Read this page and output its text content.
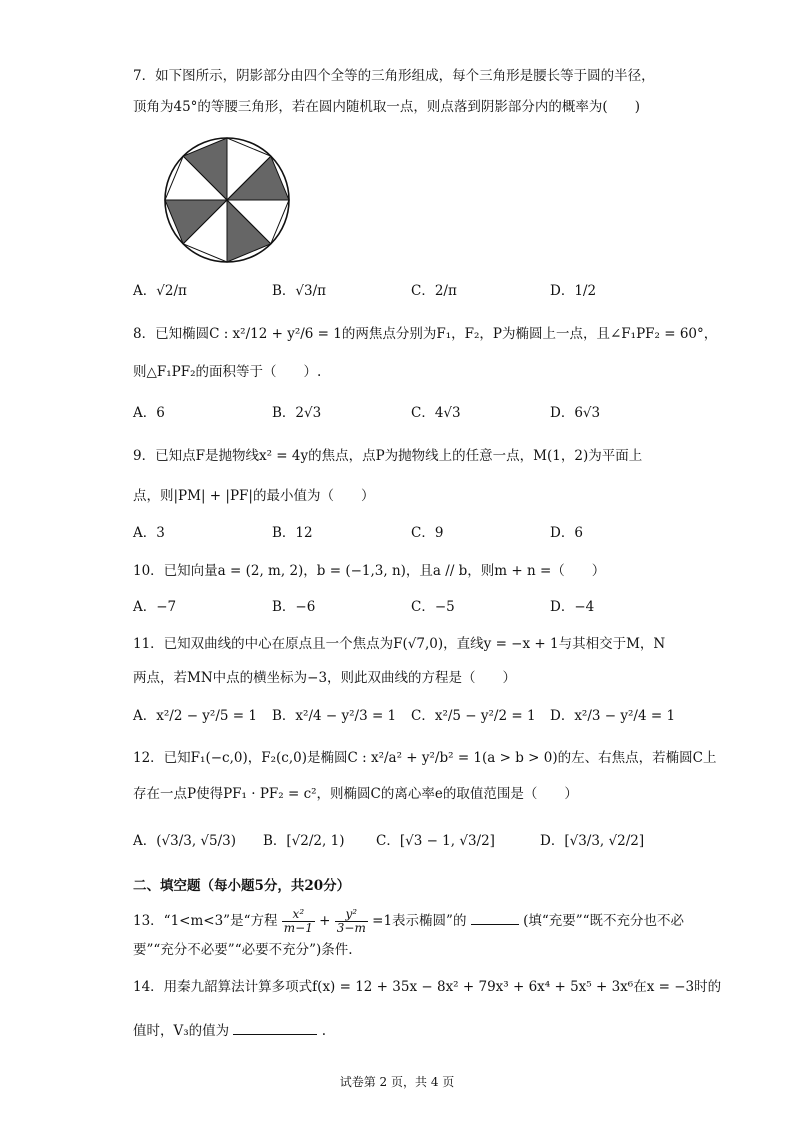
7．如下图所示，阴影部分由四个全等的三角形组成，每个三角形是腰长等于圆的半径，
顶角为45°的等腰三角形，若在圆内随机取一点，则点落到阴影部分内的概率为(　　)
A．√2/π	B．√3/π	C．2/π	D．1/2
8．已知椭圆C : x²/12 + y²/6 = 1的两焦点分别为F₁，F₂，P为椭圆上一点，且∠F₁PF₂ = 60°，
则△F₁PF₂的面积等于（　　）.
A．6	B．2√3	C．4√3	D．6√3
9．已知点F是抛物线x² = 4y的焦点，点P为抛物线上的任意一点，M(1，2)为平面上
点，则|PM| + |PF|的最小值为（　　）
A．3	B．12	C．9	D．6
10．已知向量a = (2, m, 2)，b = (−1,3, n)，且a // b，则m + n =（　　）
A．−7	B．−6	C．−5	D．−4
11．已知双曲线的中心在原点且一个焦点为F(√7,0)，直线y = −x + 1与其相交于M，N
两点，若MN中点的横坐标为−3，则此双曲线的方程是（　　）
A．x²/2 − y²/5 = 1 B．x²/4 − y²/3 = 1 C．x²/5 − y²/2 = 1 D．x²/3 − y²/4 = 1
12．已知F₁(−c,0)，F₂(c,0)是椭圆C : x²/a² + y²/b² = 1(a > b > 0)的左、右焦点，若椭圆C上
存在一点P使得PF₁ · PF₂ = c²，则椭圆C的离心率e的取值范围是（　　）
A．(√3/3, √5/3) B．[√2/2, 1) C．[√3 − 1, √3/2]	D．[√3/3, √2/2]
二、填空题（每小题5分，共20分）
13．“1<m<3”是“方程 $\frac{\text{x²}}{m-1} + \frac{\text{y²}}{3-m} =1$表示椭圆”的	(填“充要”“既不充分也不必
要”“充分不必要”“必要不充分”)条件.
14．用秦九韶算法计算多项式f(x) = 12 + 35x − 8x² + 79x³ + 6x⁴ + 5x⁵ + 3x⁶在x = −3时的
值时，V₃的值为	.
试卷第 2 页，共 4 页
